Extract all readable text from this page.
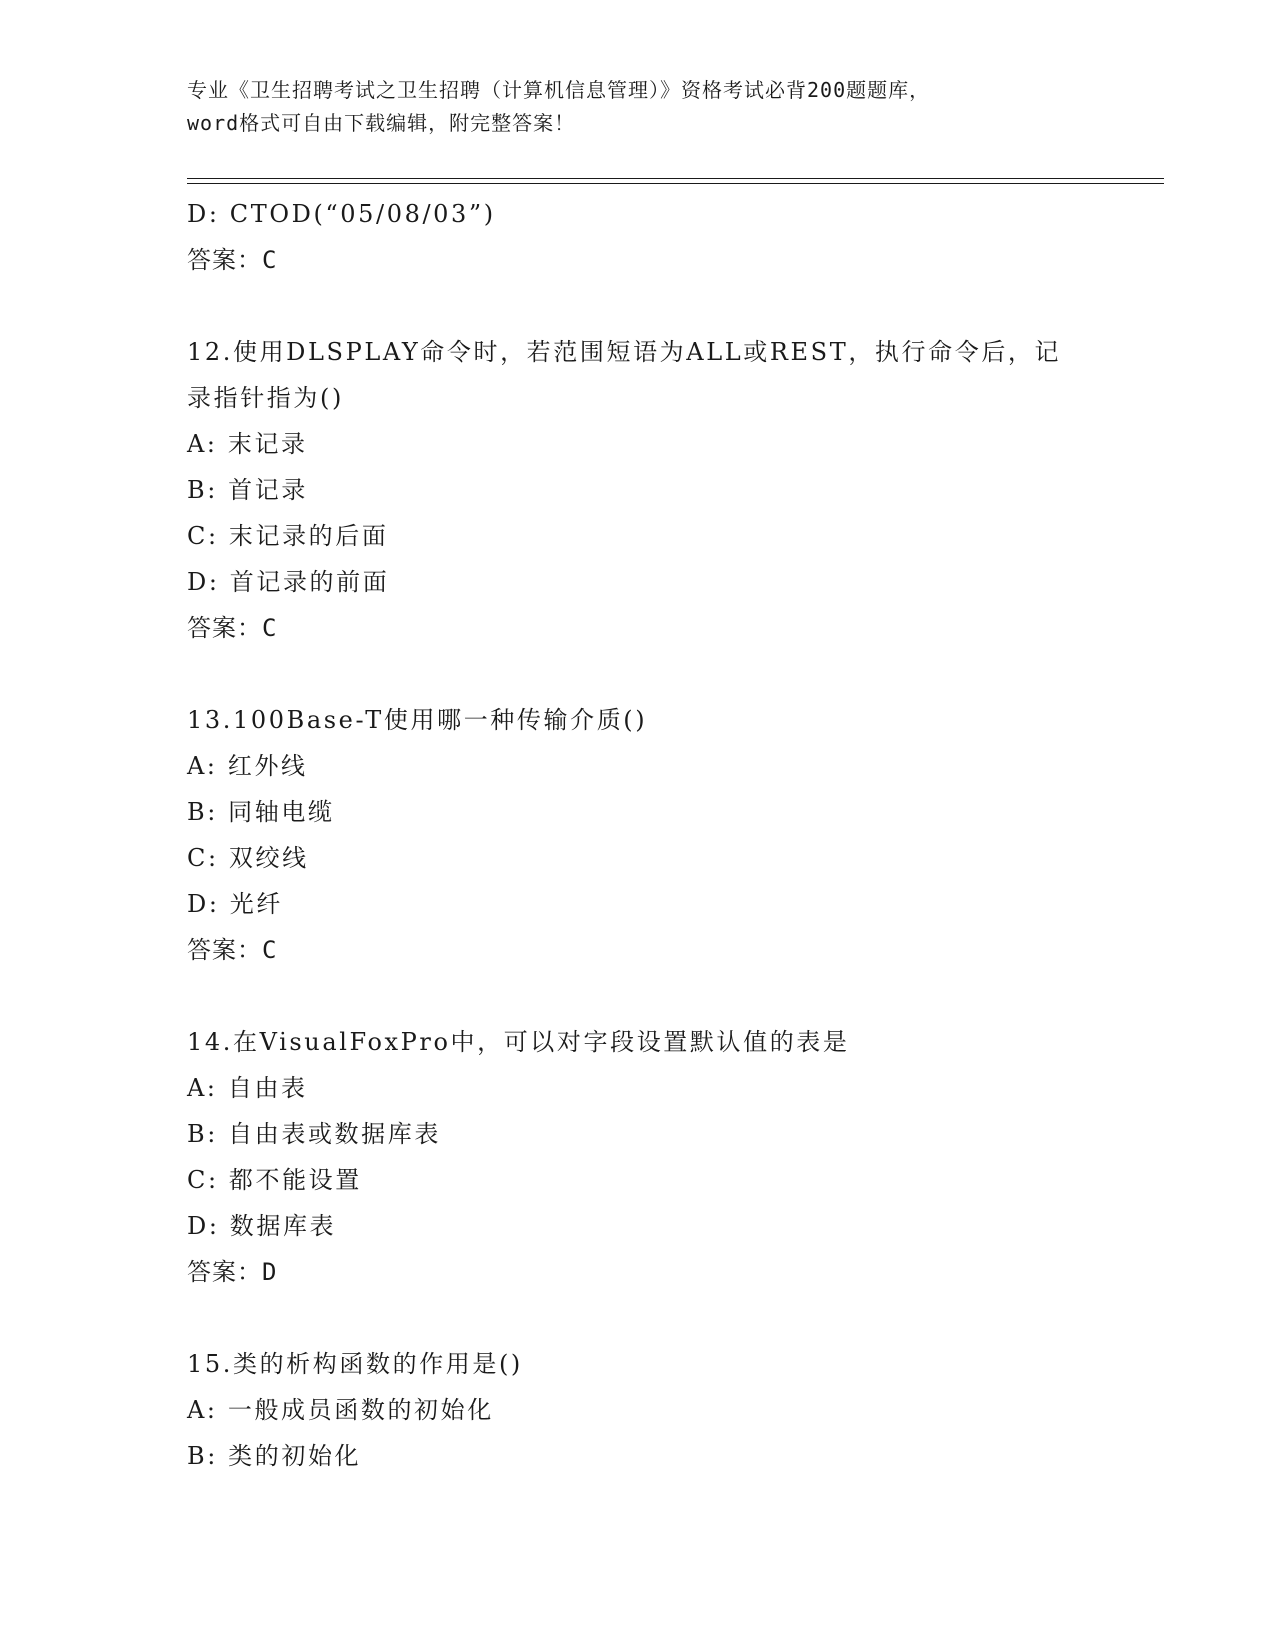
专业《卫生招聘考试之卫生招聘（计算机信息管理）》资格考试必背200题题库，
word格式可自由下载编辑，附完整答案！
D: CTOD(“05/08/03”)
答案：C
12.使用DLSPLAY命令时，若范围短语为ALL或REST，执行命令后，记
录指针指为()
A: 末记录
B: 首记录
C: 末记录的后面
D: 首记录的前面
答案：C
13.100Base-T使用哪一种传输介质()
A: 红外线
B: 同轴电缆
C: 双绞线
D: 光纤
答案：C
14.在VisualFoxPro中，可以对字段设置默认值的表是
A: 自由表
B: 自由表或数据库表
C: 都不能设置
D: 数据库表
答案：D
15.类的析构函数的作用是()
A: 一般成员函数的初始化
B: 类的初始化
